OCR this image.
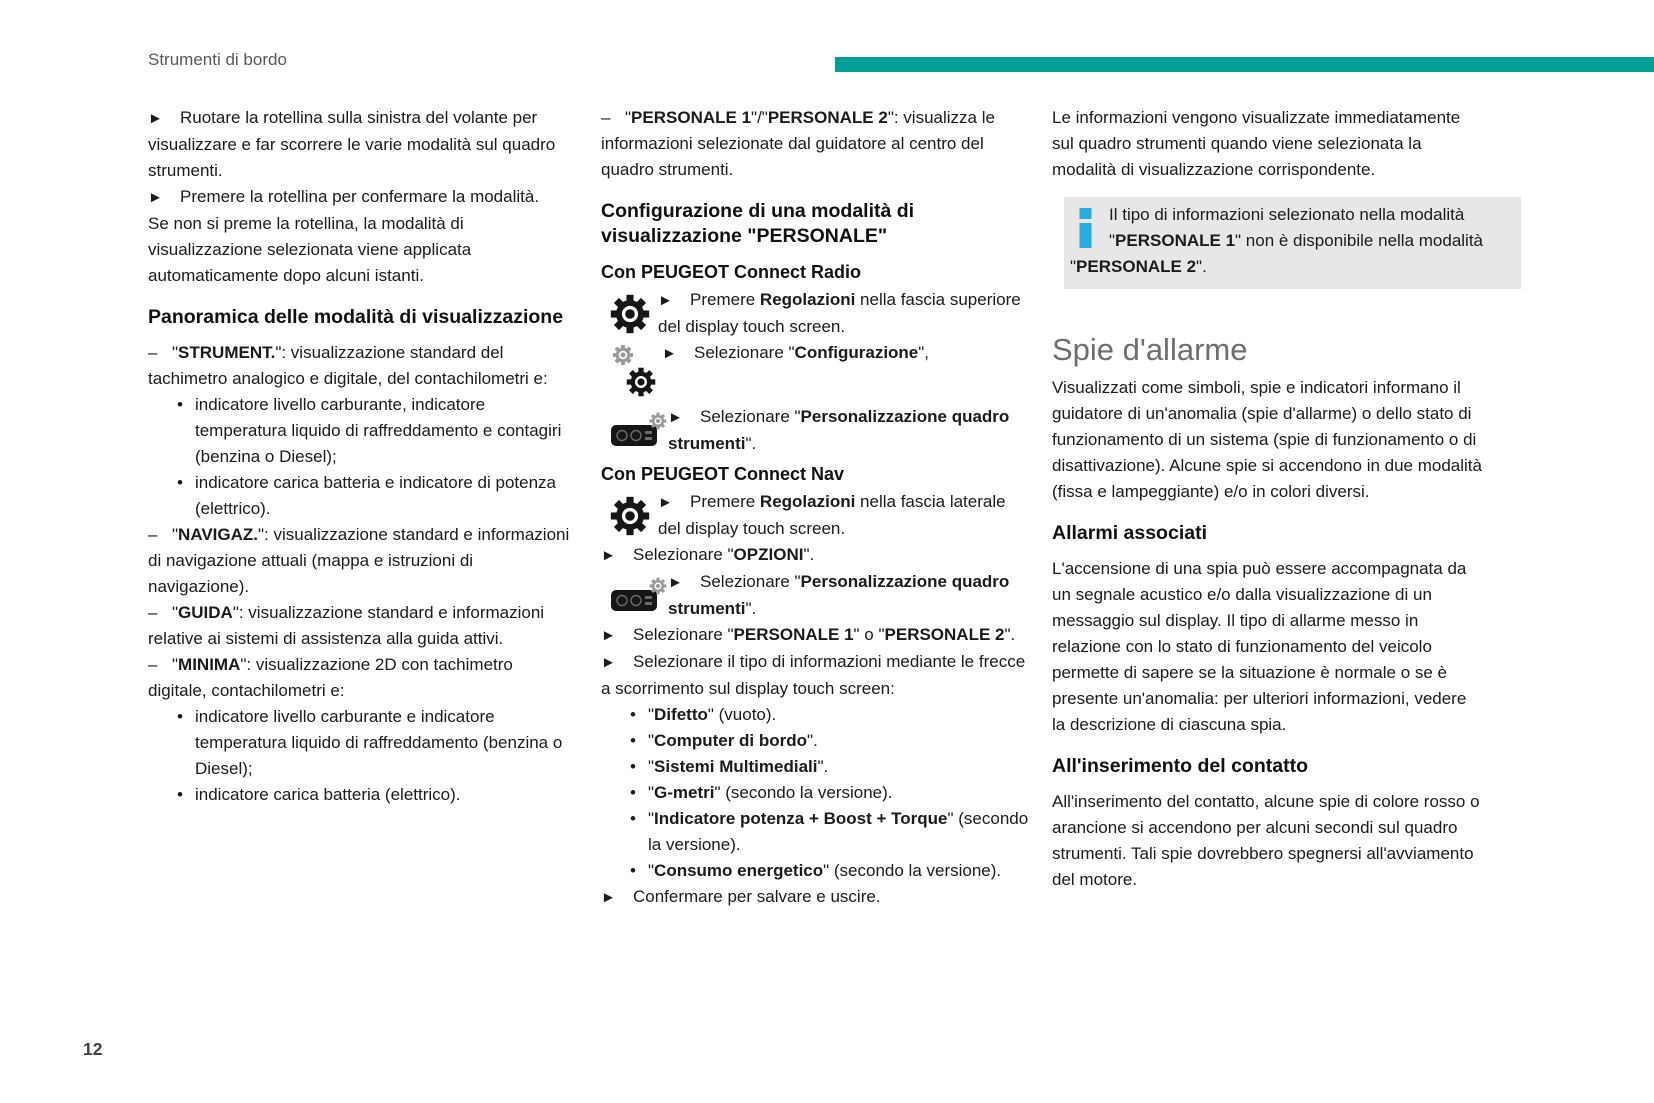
Strumenti di bordo

► Ruotare la rotellina sulla sinistra del volante per visualizzare e far scorrere le varie modalità sul quadro strumenti.

► Premere la rotellina per confermare la modalità.

Se non si preme la rotellina, la modalità di visualizzazione selezionata viene applicata automaticamente dopo alcuni istanti.

Panoramica delle modalità di visualizzazione

– "STRUMENT.": visualizzazione standard del tachimetro analogico e digitale, del contachilometri e:

• indicatore livello carburante, indicatore temperatura liquido di raffreddamento e contagiri (benzina o Diesel);

• indicatore carica batteria e indicatore di potenza (elettrico).

– "NAVIGAZ.": visualizzazione standard e informazioni di navigazione attuali (mappa e istruzioni di navigazione).

– "GUIDA": visualizzazione standard e informazioni relative ai sistemi di assistenza alla guida attivi.

– "MINIMA": visualizzazione 2D con tachimetro digitale, contachilometri e:

• indicatore livello carburante e indicatore temperatura liquido di raffreddamento (benzina o Diesel);

• indicatore carica batteria (elettrico).

– "PERSONALE 1"/"PERSONALE 2": visualizza le informazioni selezionate dal guidatore al centro del quadro strumenti.

Configurazione di una modalità di visualizzazione "PERSONALE"

Con PEUGEOT Connect Radio

► Premere Regolazioni nella fascia superiore del display touch screen.

► Selezionare "Configurazione",

► Selezionare "Personalizzazione quadro strumenti".

Con PEUGEOT Connect Nav

► Premere Regolazioni nella fascia laterale del display touch screen.

► Selezionare "OPZIONI".

► Selezionare "Personalizzazione quadro strumenti".

► Selezionare "PERSONALE 1" o "PERSONALE 2".

► Selezionare il tipo di informazioni mediante le frecce a scorrimento sul display touch screen:

• "Difetto" (vuoto).

• "Computer di bordo".

• "Sistemi Multimediali".

• "G-metri" (secondo la versione).

• "Indicatore potenza + Boost + Torque" (secondo la versione).

• "Consumo energetico" (secondo la versione).

► Confermare per salvare e uscire.

Le informazioni vengono visualizzate immediatamente sul quadro strumenti quando viene selezionata la modalità di visualizzazione corrispondente.

Il tipo di informazioni selezionato nella modalità "PERSONALE 1" non è disponibile nella modalità "PERSONALE 2".
Spie d'allarme

Visualizzati come simboli, spie e indicatori informano il guidatore di un'anomalia (spie d'allarme) o dello stato di funzionamento di un sistema (spie di funzionamento o di disattivazione). Alcune spie si accendono in due modalità (fissa e lampeggiante) e/o in colori diversi.

Allarmi associati

L'accensione di una spia può essere accompagnata da un segnale acustico e/o dalla visualizzazione di un messaggio sul display. Il tipo di allarme messo in relazione con lo stato di funzionamento del veicolo permette di sapere se la situazione è normale o se è presente un'anomalia: per ulteriori informazioni, vedere la descrizione di ciascuna spia.

All'inserimento del contatto

All'inserimento del contatto, alcune spie di colore rosso o arancione si accendono per alcuni secondi sul quadro strumenti. Tali spie dovrebbero spegnersi all'avviamento del motore.

12
